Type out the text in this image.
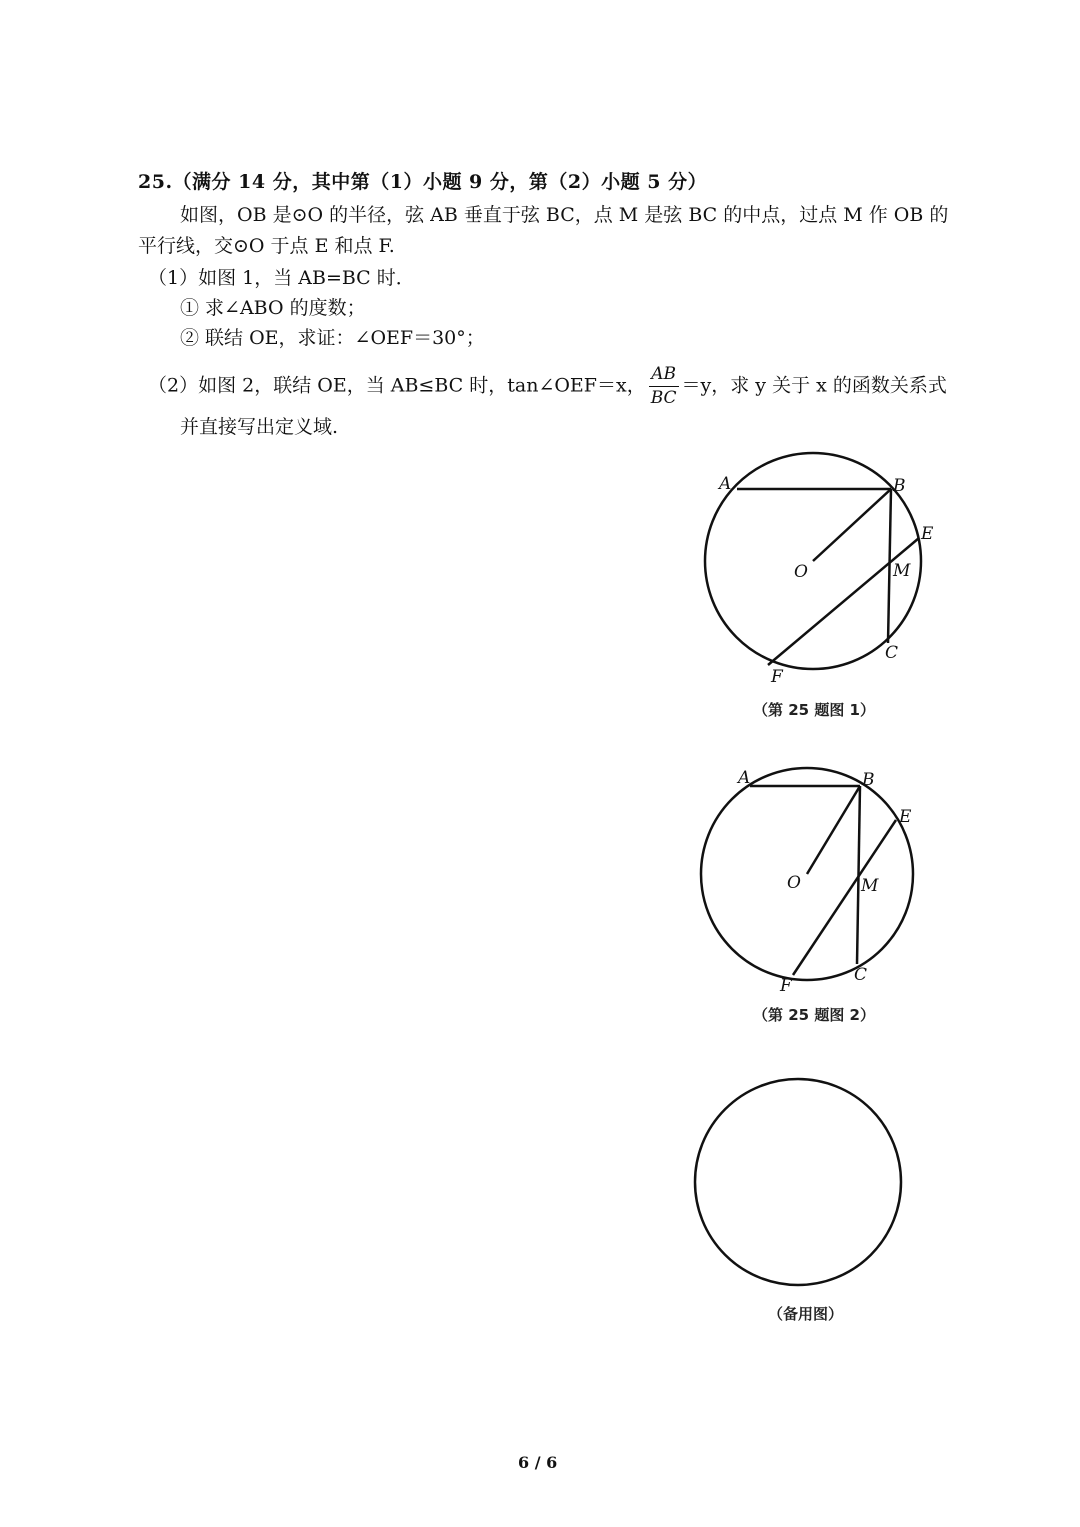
25.（满分 14 分，其中第（1）小题 9 分，第（2）小题 5 分）
如图，OB 是⊙O 的半径，弦 AB 垂直于弦 BC，点 M 是弦 BC 的中点，过点 M 作 OB 的
平行线，交⊙O 于点 E 和点 F.
（1）如图 1，当 AB=BC 时．
① 求∠ABO 的度数；
② 联结 OE，求证：∠OEF＝30°；
（2）如图 2，联结 OE，当 AB≤BC 时，tan∠OEF＝x， $\frac{AB}{BC} =y$，求 y 关于 x 的函数关系式
并直接写出定义域.
A	B
E
O	M
C
F
（第 25 题图 1）
A	B
E
O	M
C
F
（第 25 题图 2）
（备用图）
6 / 6
